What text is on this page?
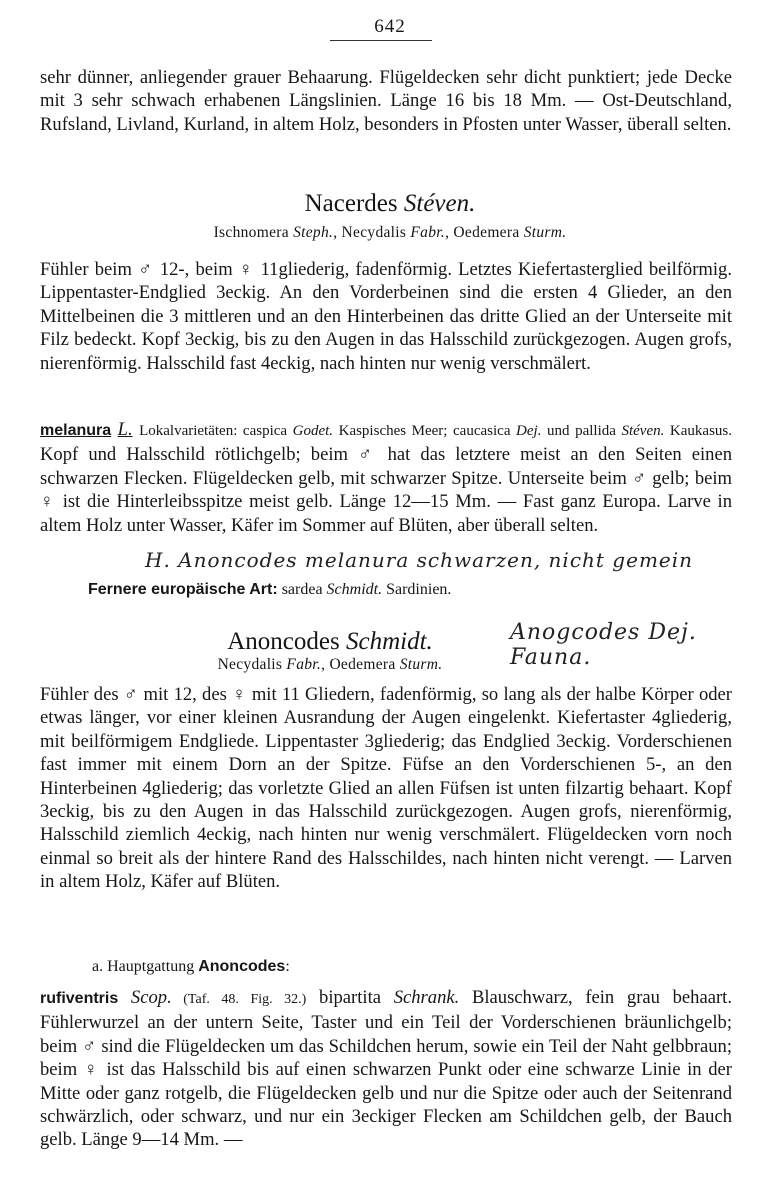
642

sehr dünner, anliegender grauer Behaarung. Flügeldecken sehr dicht punktiert; jede Decke mit 3 sehr schwach erhabenen Längslinien. Länge 16 bis 18 Mm. — Ost-Deutschland, Rufsland, Livland, Kurland, in altem Holz, besonders in Pfosten unter Wasser, überall selten.

Nacerdes Stéven.
Ischnomera Steph., Necydalis Fabr., Oedemera Sturm.

Fühler beim ♂ 12-, beim ♀ 11gliederig, fadenförmig. Letztes Kiefertasterglied beilförmig. Lippentaster-Endglied 3eckig. An den Vorderbeinen sind die ersten 4 Glieder, an den Mittelbeinen die 3 mittleren und an den Hinterbeinen das dritte Glied an der Unterseite mit Filz bedeckt. Kopf 3eckig, bis zu den Augen in das Halsschild zurückgezogen. Augen grofs, nierenförmig. Halsschild fast 4eckig, nach hinten nur wenig verschmälert.

melanura L. Lokalvarietäten: caspica Godet. Kaspisches Meer; caucasica Dej. und pallida Stéven. Kaukasus. Kopf und Halsschild rötlichgelb; beim ♂ hat das letztere meist an den Seiten einen schwarzen Flecken. Flügeldecken gelb, mit schwarzer Spitze. Unterseite beim ♂ gelb; beim ♀ ist die Hinterleibsspitze meist gelb. Länge 12—15 Mm. — Fast ganz Europa. Larve in altem Holz unter Wasser, Käfer im Sommer auf Blüten, aber überall selten.

H. Anoncodes melanura schwarzen, nicht gemein
Fernere europäische Art: sardea Schmidt. Sardinien.
Anoncodes Schmidt.	Anogcodes Dej. Fauna.
Necydalis Fabr., Oedemera Sturm.

Fühler des ♂ mit 12, des ♀ mit 11 Gliedern, fadenförmig, so lang als der halbe Körper oder etwas länger, vor einer kleinen Ausrandung der Augen eingelenkt. Kiefertaster 4gliederig, mit beilförmigem Endgliede. Lippentaster 3gliederig; das Endglied 3eckig. Vorderschienen fast immer mit einem Dorn an der Spitze. Füfse an den Vorderschienen 5-, an den Hinterbeinen 4gliederig; das vorletzte Glied an allen Füfsen ist unten filzartig behaart. Kopf 3eckig, bis zu den Augen in das Halsschild zurückgezogen. Augen grofs, nierenförmig, Halsschild ziemlich 4eckig, nach hinten nur wenig verschmälert. Flügeldecken vorn noch einmal so breit als der hintere Rand des Halsschildes, nach hinten nicht verengt. — Larven in altem Holz, Käfer auf Blüten.

a. Hauptgattung Anoncodes:

rufiventris Scop. (Taf. 48. Fig. 32.) bipartita Schrank. Blauschwarz, fein grau behaart. Fühlerwurzel an der untern Seite, Taster und ein Teil der Vorderschienen bräunlichgelb; beim ♂ sind die Flügeldecken um das Schildchen herum, sowie ein Teil der Naht gelbbraun; beim ♀ ist das Halsschild bis auf einen schwarzen Punkt oder eine schwarze Linie in der Mitte oder ganz rotgelb, die Flügeldecken gelb und nur die Spitze oder auch der Seitenrand schwärzlich, oder schwarz, und nur ein 3eckiger Flecken am Schildchen gelb, der Bauch gelb. Länge 9—14 Mm. —
